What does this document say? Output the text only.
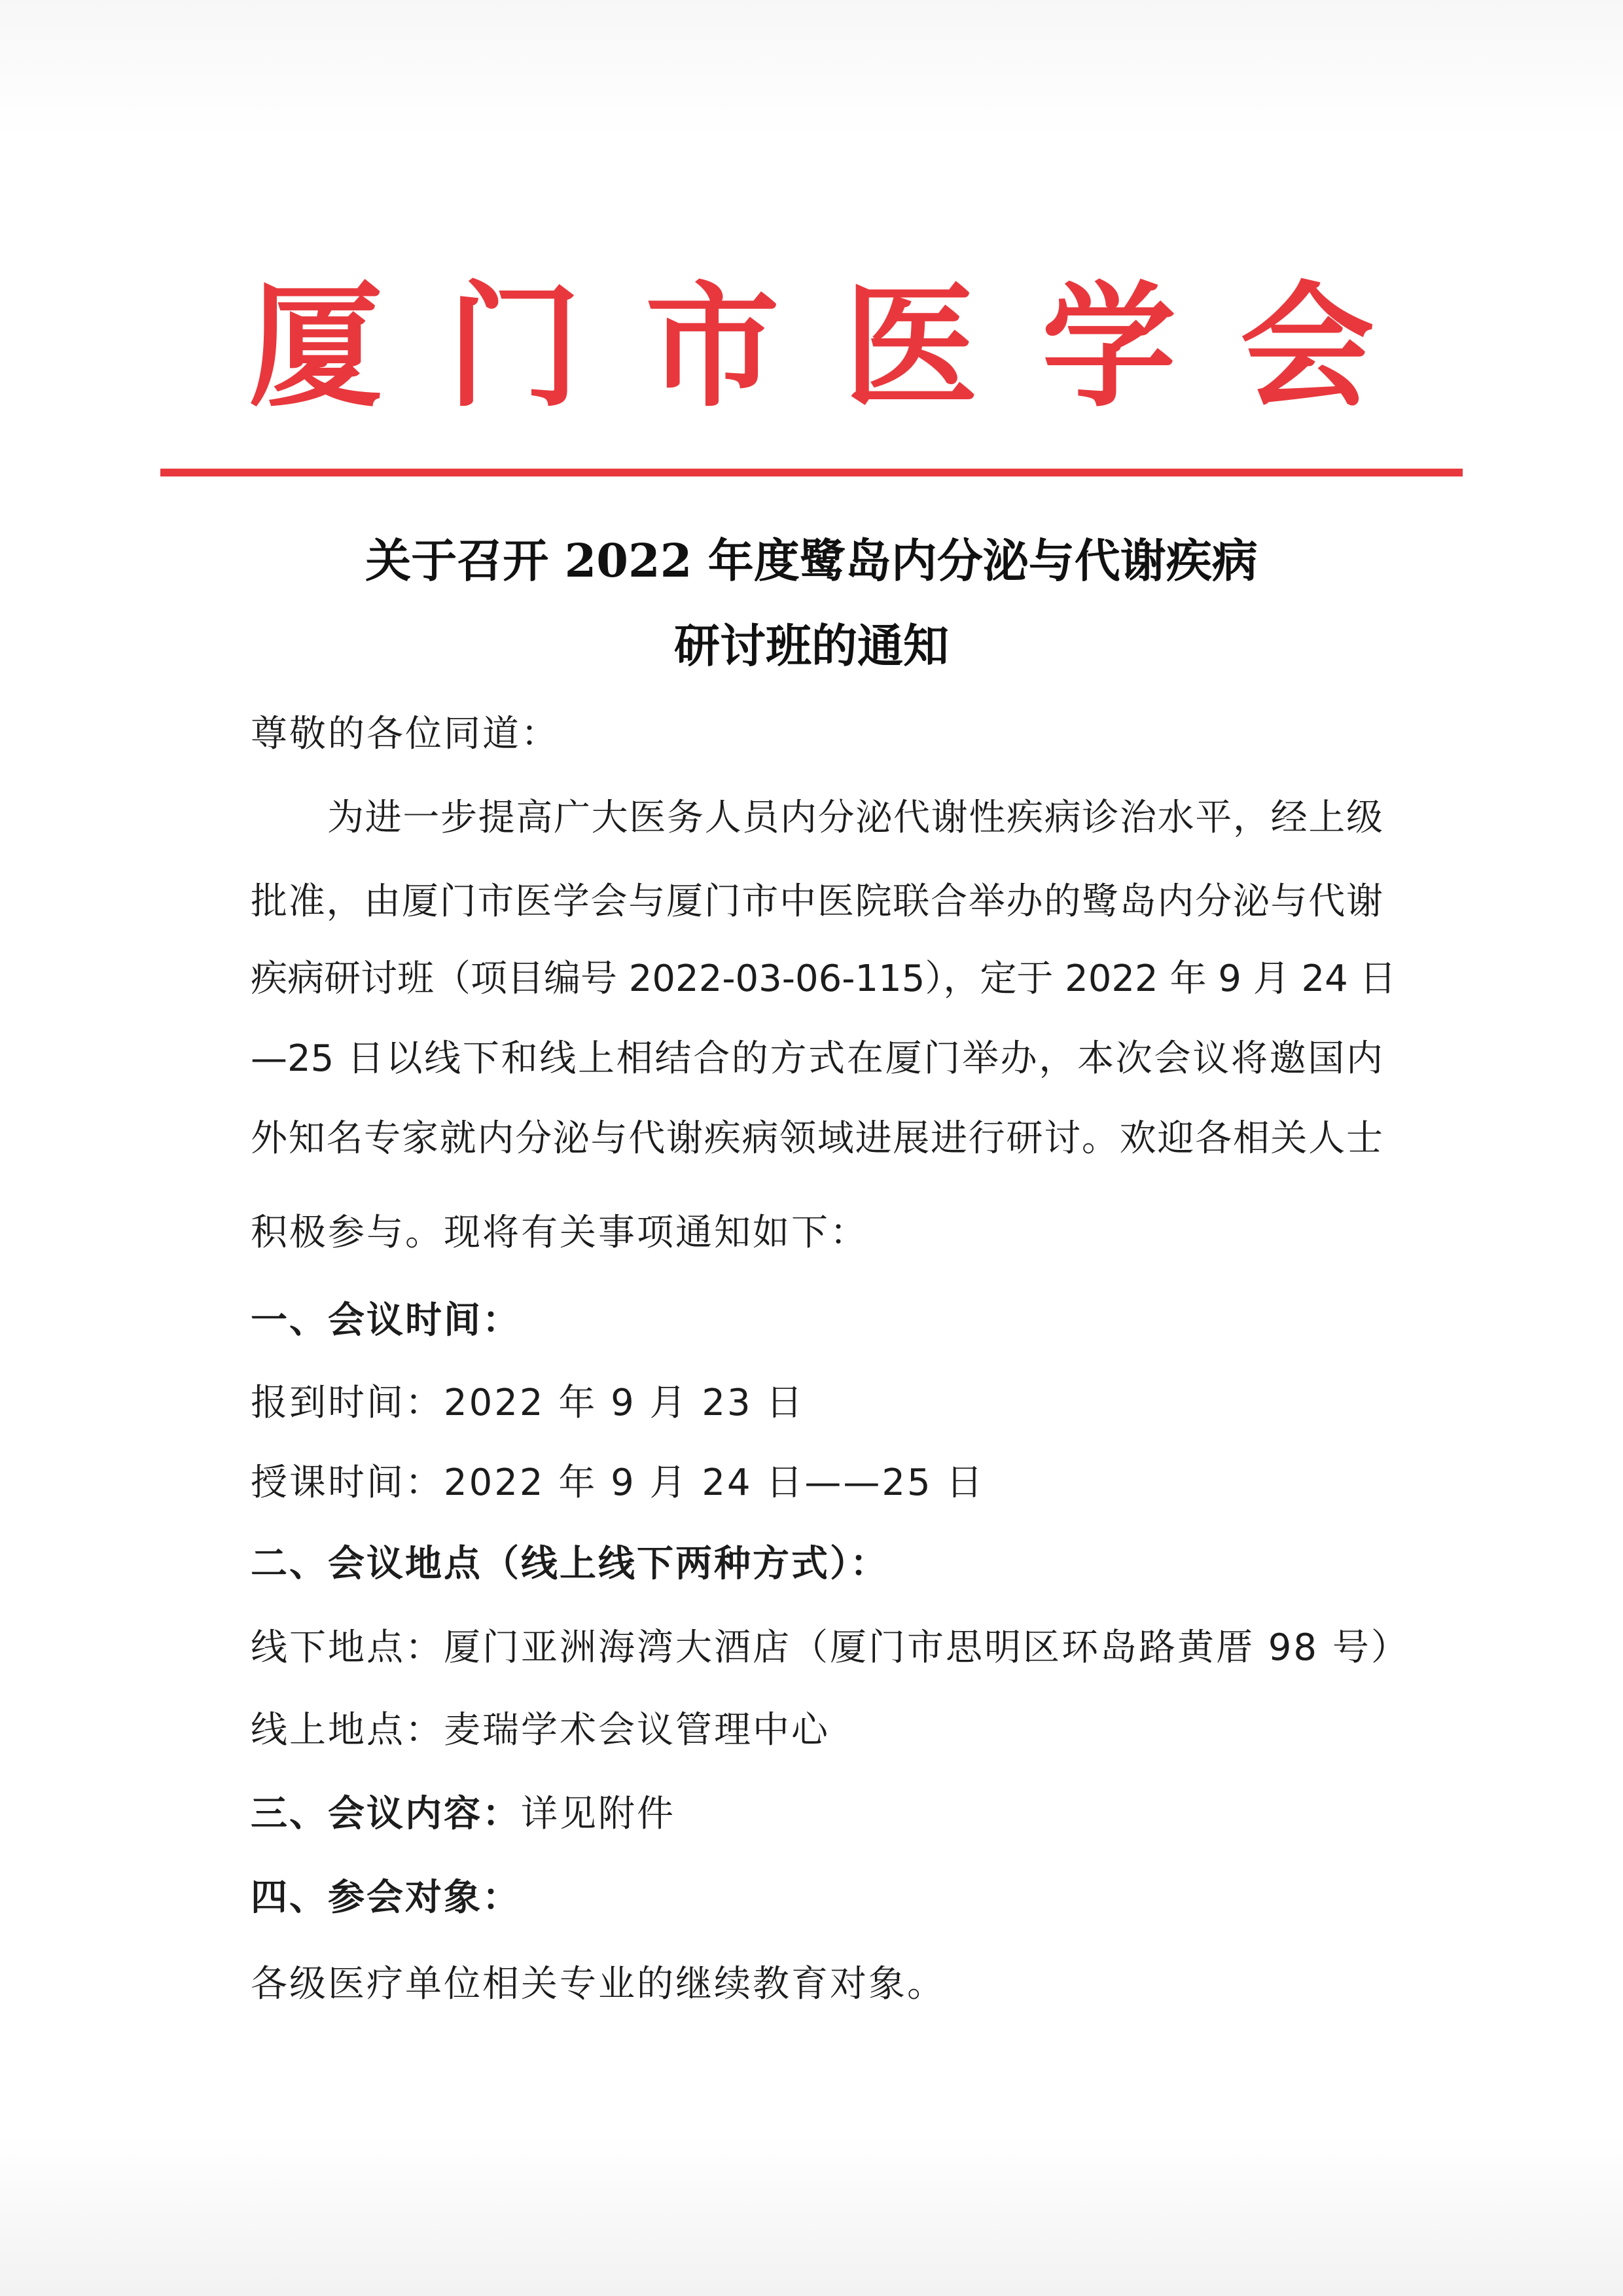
厦 门 市 医 学 会
关于召开 2022 年度鹭岛内分泌与代谢疾病
研讨班的通知
尊敬的各位同道：
为进一步提高广大医务人员内分泌代谢性疾病诊治水平，经上级
批准，由厦门市医学会与厦门市中医院联合举办的鹭岛内分泌与代谢
疾病研讨班（项目编号 2022-03-06-115），定于 2022 年 9 月 24 日
—25 日以线下和线上相结合的方式在厦门举办，本次会议将邀国内
外知名专家就内分泌与代谢疾病领域进展进行研讨。欢迎各相关人士
积极参与。现将有关事项通知如下：
一、会议时间：
报到时间：2022 年 9 月 23 日
授课时间：2022 年 9 月 24 日——25 日
二、会议地点（线上线下两种方式）：
线下地点：厦门亚洲海湾大酒店（厦门市思明区环岛路黄厝 98 号）
线上地点：麦瑞学术会议管理中心
三、会议内容：详见附件
四、参会对象：
各级医疗单位相关专业的继续教育对象。
